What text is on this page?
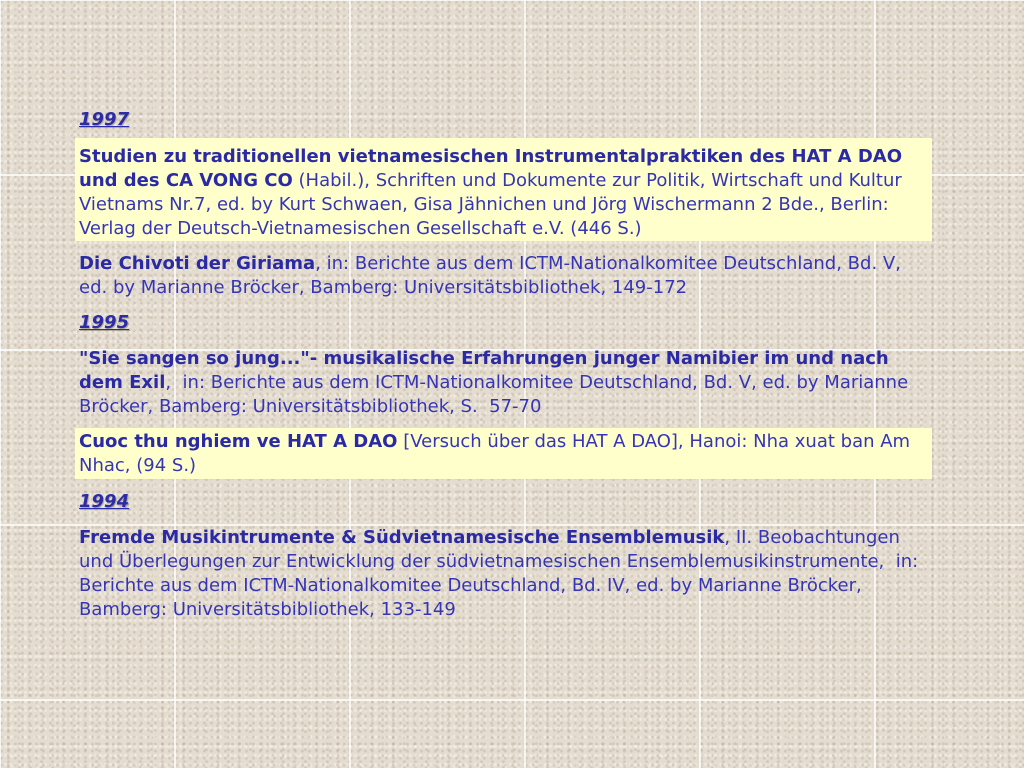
1997

Studien zu traditionellen vietnamesischen Instrumentalpraktiken des HAT A DAO und des CA VONG CO (Habil.), Schriften und Dokumente zur Politik, Wirtschaft und Kultur Vietnams Nr.7, ed. by Kurt Schwaen, Gisa Jähnichen und Jörg Wischermann 2 Bde., Berlin: Verlag der Deutsch-Vietnamesischen Gesellschaft e.V. (446 S.)

Die Chivoti der Giriama, in: Berichte aus dem ICTM-Nationalkomitee Deutschland, Bd. V, ed. by Marianne Bröcker, Bamberg: Universitätsbibliothek, 149-172

1995

"Sie sangen so jung..."- musikalische Erfahrungen junger Namibier im und nach dem Exil,  in: Berichte aus dem ICTM-Nationalkomitee Deutschland, Bd. V, ed. by Marianne Bröcker, Bamberg: Universitätsbibliothek, S.  57-70

Cuoc thu nghiem ve HAT A DAO [Versuch über das HAT A DAO], Hanoi: Nha xuat ban Am Nhac, (94 S.)

1994

Fremde Musikintrumente & Südvietnamesische Ensemblemusik, II. Beobachtungen und Überlegungen zur Entwicklung der südvietnamesischen Ensemblemusikinstrumente,  in: Berichte aus dem ICTM-Nationalkomitee Deutschland, Bd. IV, ed. by Marianne Bröcker, Bamberg: Universitätsbibliothek, 133-149
